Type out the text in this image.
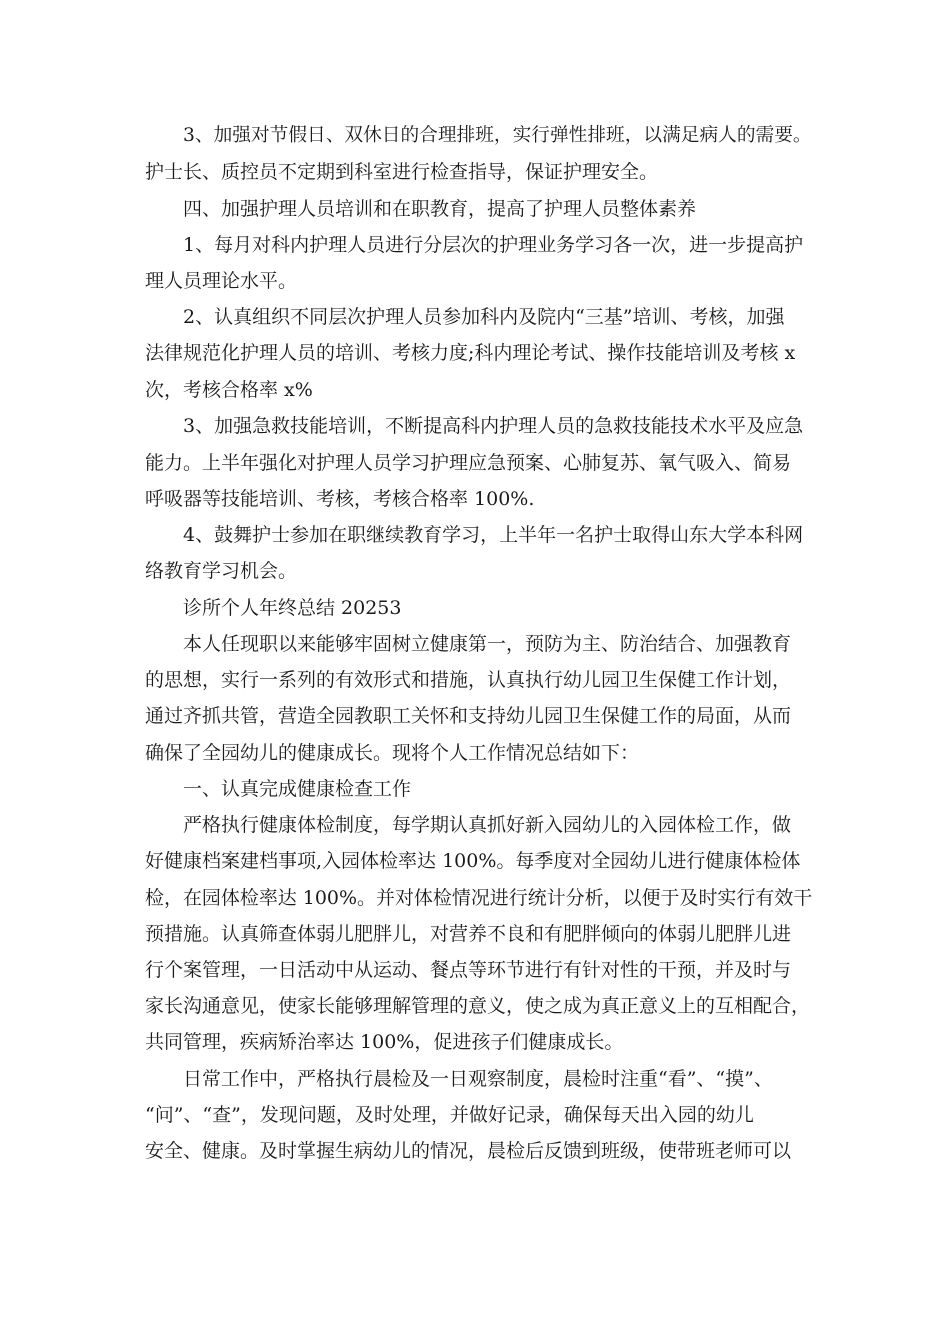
3、加强对节假日、双休日的合理排班，实行弹性排班，以满足病人的需要。
护士长、质控员不定期到科室进行检查指导，保证护理安全。
四、加强护理人员培训和在职教育，提高了护理人员整体素养
1、每月对科内护理人员进行分层次的护理业务学习各一次，进一步提高护
理人员理论水平。
2、认真组织不同层次护理人员参加科内及院内“三基”培训、考核，加强
法律规范化护理人员的培训、考核力度;科内理论考试、操作技能培训及考核 x
次，考核合格率 x%
3、加强急救技能培训，不断提高科内护理人员的急救技能技术水平及应急
能力。上半年强化对护理人员学习护理应急预案、心肺复苏、氧气吸入、简易
呼吸器等技能培训、考核，考核合格率 100%.
4、鼓舞护士参加在职继续教育学习，上半年一名护士取得山东大学本科网
络教育学习机会。
诊所个人年终总结 20253
本人任现职以来能够牢固树立健康第一，预防为主、防治结合、加强教育
的思想，实行一系列的有效形式和措施，认真执行幼儿园卫生保健工作计划，
通过齐抓共管，营造全园教职工关怀和支持幼儿园卫生保健工作的局面，从而
确保了全园幼儿的健康成长。现将个人工作情况总结如下：
一、认真完成健康检查工作
严格执行健康体检制度，每学期认真抓好新入园幼儿的入园体检工作，做
好健康档案建档事项,入园体检率达 100%。每季度对全园幼儿进行健康体检体
检，在园体检率达 100%。并对体检情况进行统计分析，以便于及时实行有效干
预措施。认真筛查体弱儿肥胖儿，对营养不良和有肥胖倾向的体弱儿肥胖儿进
行个案管理，一日活动中从运动、餐点等环节进行有针对性的干预，并及时与
家长沟通意见，使家长能够理解管理的意义，使之成为真正意义上的互相配合，
共同管理，疾病矫治率达 100%，促进孩子们健康成长。
日常工作中，严格执行晨检及一日观察制度，晨检时注重“看”、“摸”、
“问”、“查”，发现问题，及时处理，并做好记录，确保每天出入园的幼儿
安全、健康。及时掌握生病幼儿的情况，晨检后反馈到班级，使带班老师可以
